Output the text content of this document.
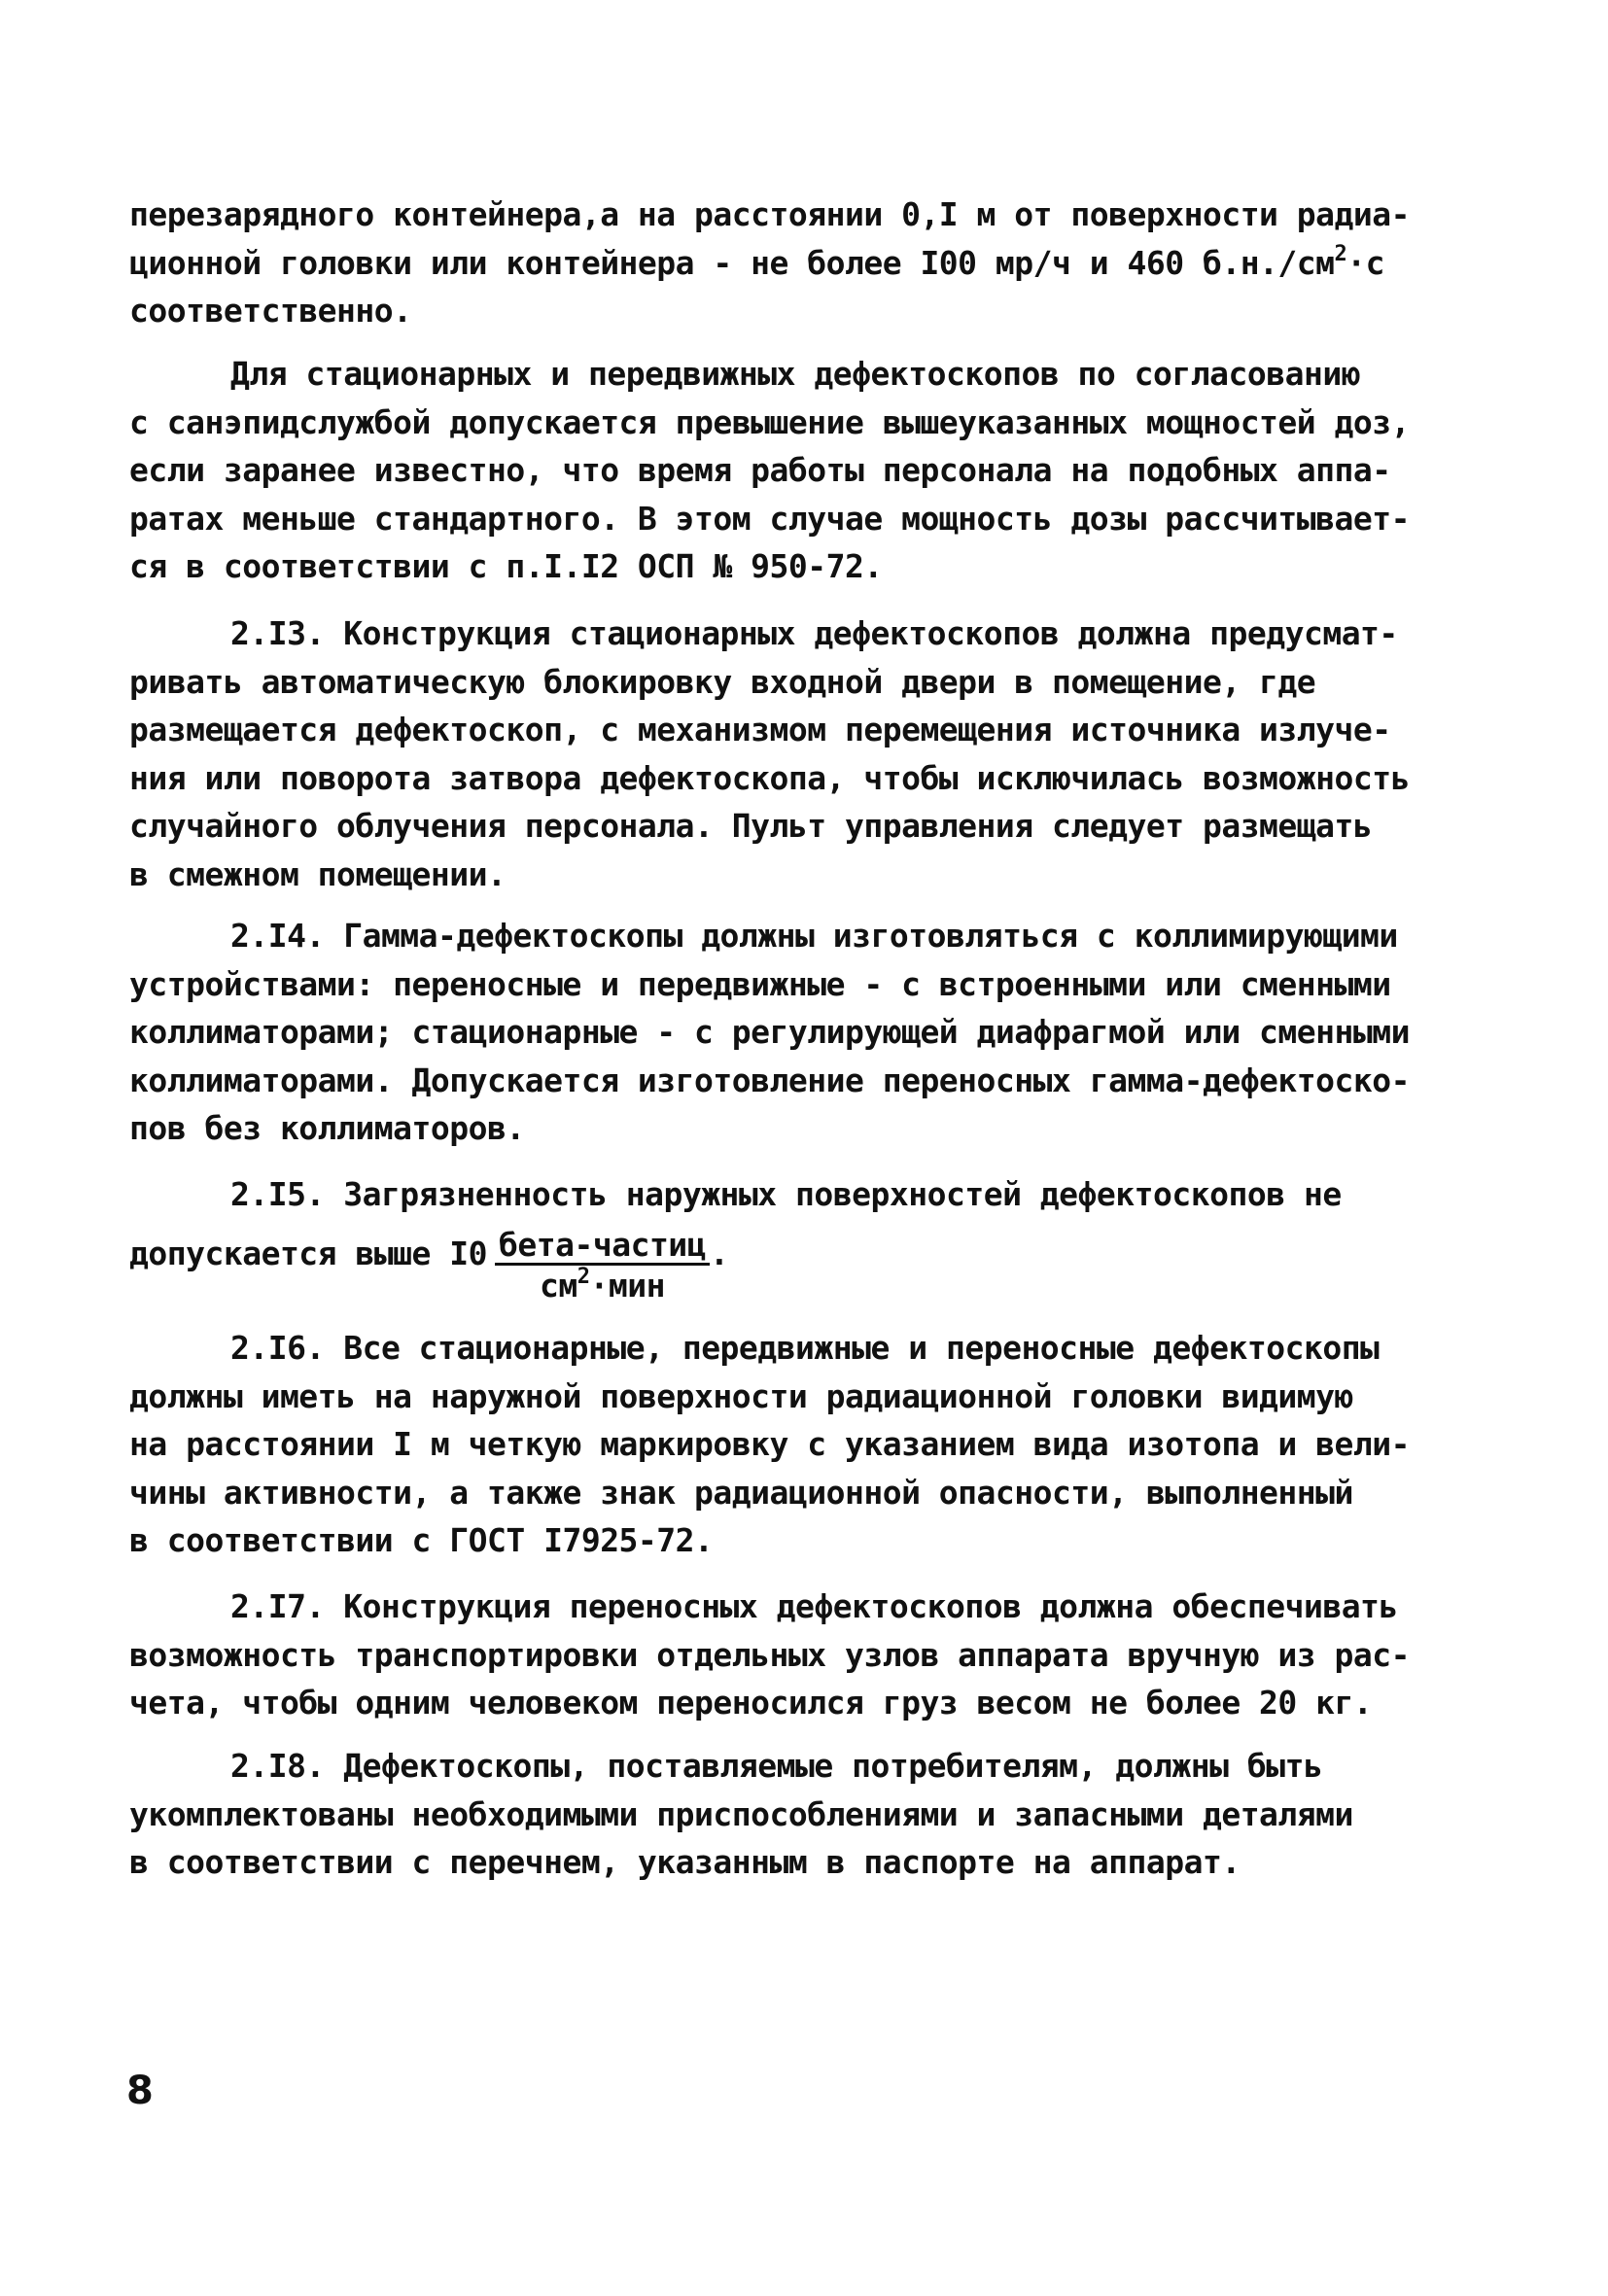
перезарядного контейнера,а на расстоянии 0,I м от поверхности радиа-
ционной головки или контейнера - не более I00 мр/ч и 460 $б.н./см^2\cdot с$
соответственно.
Для стационарных и передвижных дефектоскопов по согласованию
с санэпидслужбой допускается превышение вышеуказанных мощностей доз,
если заранее известно, что время работы персонала на подобных аппа-
ратах меньше стандартного. В этом случае мощность дозы рассчитывает-
ся в соответствии с п.I.I2 ОСП № 950-72.
2.I3. Конструкция стационарных дефектоскопов должна предусмат-
ривать автоматическую блокировку входной двери в помещение, где
размещается дефектоскоп, с механизмом перемещения источника излуче-
ния или поворота затвора дефектоскопа, чтобы исключилась возможность
случайного облучения персонала. Пульт управления следует размещать
в смежном помещении.
2.I4. Гамма-дефектоскопы должны изготовляться с коллимирующими
устройствами: переносные и передвижные - с встроенными или сменными
коллиматорами; стационарные - с регулирующей диафрагмой или сменными
коллиматорами. Допускается изготовление переносных гамма-дефектоско-
пов без коллиматоров.
2.I5. Загрязненность наружных поверхностей дефектоскопов не
допускается выше $I0 \frac{\text{бета-частиц}}{см^2\cdot мин}$ .
2.I6. Все стационарные, передвижные и переносные дефектоскопы
должны иметь на наружной поверхности радиационной головки видимую
на расстоянии I м четкую маркировку с указанием вида изотопа и вели-
чины активности, а также знак радиационной опасности, выполненный
в соответствии с ГОСТ I7925-72.
2.I7. Конструкция переносных дефектоскопов должна обеспечивать
возможность транспортировки отдельных узлов аппарата вручную из рас-
чета, чтобы одним человеком переносился груз весом не более 20 кг.
2.I8. Дефектоскопы, поставляемые потребителям, должны быть
укомплектованы необходимыми приспособлениями и запасными деталями
в соответствии с перечнем, указанным в паспорте на аппарат.
8
